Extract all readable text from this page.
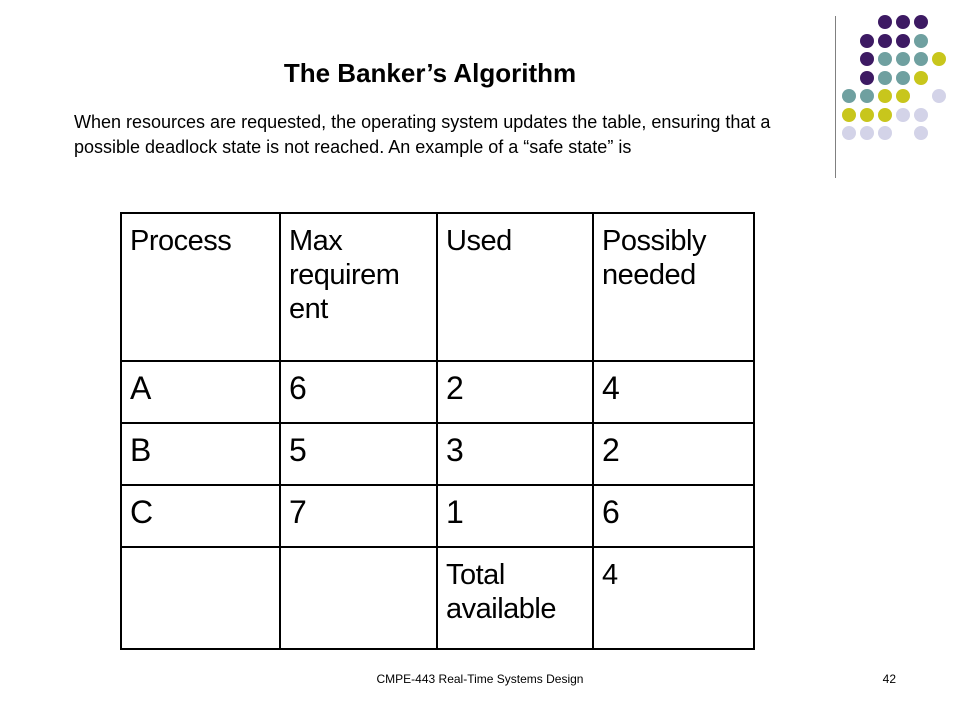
The Banker’s Algorithm
When resources are requested, the operating system updates the table, ensuring that a possible deadlock state is not reached. An example of a “safe state” is
Process	Max requirem ent	Used	Possibly needed
A	6	2	4
B	5	3	2
C	7	1	6
		Total available	4
CMPE-443 Real-Time Systems Design	42
